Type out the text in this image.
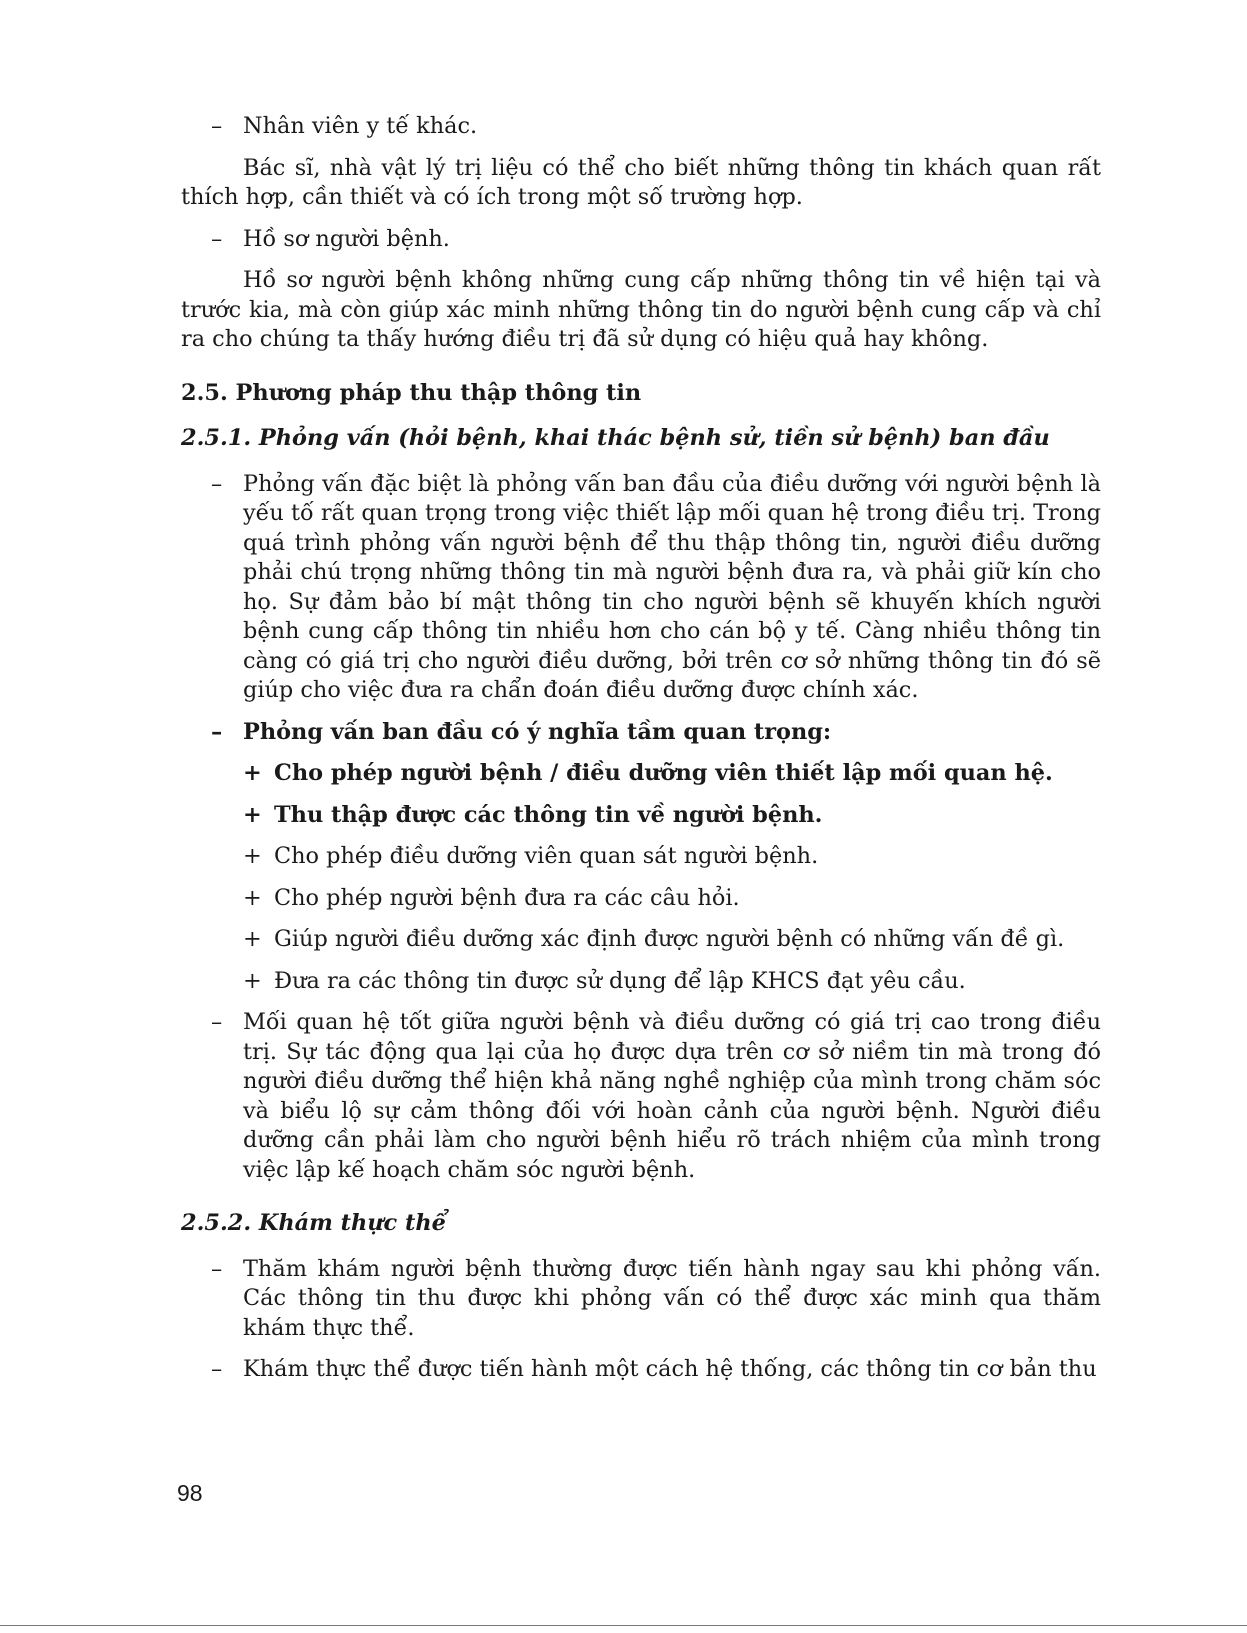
– Nhân viên y tế khác.

Bác sĩ, nhà vật lý trị liệu có thể cho biết những thông tin khách quan rất thích hợp, cần thiết và có ích trong một số trường hợp.

– Hồ sơ người bệnh.

Hồ sơ người bệnh không những cung cấp những thông tin về hiện tại và trước kia, mà còn giúp xác minh những thông tin do người bệnh cung cấp và chỉ ra cho chúng ta thấy hướng điều trị đã sử dụng có hiệu quả hay không.

2.5. Phương pháp thu thập thông tin

2.5.1. Phỏng vấn (hỏi bệnh, khai thác bệnh sử, tiền sử bệnh) ban đầu

– Phỏng vấn đặc biệt là phỏng vấn ban đầu của điều dưỡng với người bệnh là yếu tố rất quan trọng trong việc thiết lập mối quan hệ trong điều trị. Trong quá trình phỏng vấn người bệnh để thu thập thông tin, người điều dưỡng phải chú trọng những thông tin mà người bệnh đưa ra, và phải giữ kín cho họ. Sự đảm bảo bí mật thông tin cho người bệnh sẽ khuyến khích người bệnh cung cấp thông tin nhiều hơn cho cán bộ y tế. Càng nhiều thông tin càng có giá trị cho người điều dưỡng, bởi trên cơ sở những thông tin đó sẽ giúp cho việc đưa ra chẩn đoán điều dưỡng được chính xác.
– Phỏng vấn ban đầu có ý nghĩa tầm quan trọng:
+ Cho phép người bệnh / điều dưỡng viên thiết lập mối quan hệ.
+ Thu thập được các thông tin về người bệnh.
+ Cho phép điều dưỡng viên quan sát người bệnh.
+ Cho phép người bệnh đưa ra các câu hỏi.
+ Giúp người điều dưỡng xác định được người bệnh có những vấn đề gì.
+ Đưa ra các thông tin được sử dụng để lập KHCS đạt yêu cầu.
– Mối quan hệ tốt giữa người bệnh và điều dưỡng có giá trị cao trong điều trị. Sự tác động qua lại của họ được dựa trên cơ sở niềm tin mà trong đó người điều dưỡng thể hiện khả năng nghề nghiệp của mình trong chăm sóc và biểu lộ sự cảm thông đối với hoàn cảnh của người bệnh. Người điều dưỡng cần phải làm cho người bệnh hiểu rõ trách nhiệm của mình trong việc lập kế hoạch chăm sóc người bệnh.

2.5.2. Khám thực thể

– Thăm khám người bệnh thường được tiến hành ngay sau khi phỏng vấn. Các thông tin thu được khi phỏng vấn có thể được xác minh qua thăm khám thực thể.
– Khám thực thể được tiến hành một cách hệ thống, các thông tin cơ bản thu
98
